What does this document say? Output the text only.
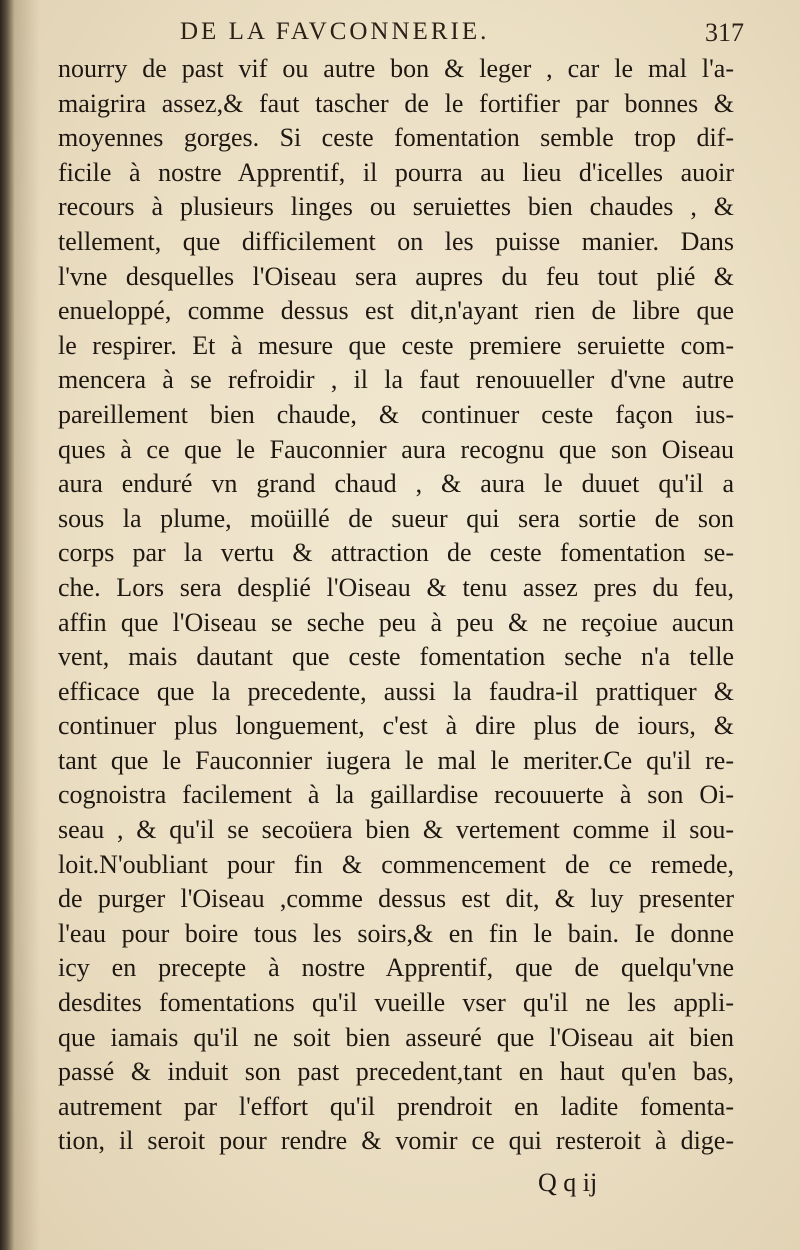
DE LA FAVCONNERIE.	317
nourry de past vif ou autre bon & leger , car le mal l'a-
maigrira assez,& faut tascher de le fortifier par bonnes &
moyennes gorges. Si ceste fomentation semble trop dif-
ficile à nostre Apprentif, il pourra au lieu d'icelles auoir
recours à plusieurs linges ou seruiettes bien chaudes , &
tellement, que difficilement on les puisse manier. Dans
l'vne desquelles l'Oiseau sera aupres du feu tout plié &
enueloppé, comme dessus est dit,n'ayant rien de libre que
le respirer. Et à mesure que ceste premiere seruiette com-
mencera à se refroidir , il la faut renouueller d'vne autre
pareillement bien chaude, & continuer ceste façon ius-
ques à ce que le Fauconnier aura recognu que son Oiseau
aura enduré vn grand chaud , & aura le duuet qu'il a
sous la plume, moüillé de sueur qui sera sortie de son
corps par la vertu & attraction de ceste fomentation se-
che. Lors sera desplié l'Oiseau & tenu assez pres du feu,
affin que l'Oiseau se seche peu à peu & ne reçoiue aucun
vent, mais dautant que ceste fomentation seche n'a telle
efficace que la precedente, aussi la faudra-il prattiquer &
continuer plus longuement, c'est à dire plus de iours, &
tant que le Fauconnier iugera le mal le meriter.Ce qu'il re-
cognoistra facilement à la gaillardise recouuerte à son Oi-
seau , & qu'il se secoüera bien & vertement comme il sou-
loit.N'oubliant pour fin & commencement de ce remede,
de purger l'Oiseau ,comme dessus est dit, & luy presenter
l'eau pour boire tous les soirs,& en fin le bain. Ie donne
icy en precepte à nostre Apprentif, que de quelqu'vne
desdites fomentations qu'il vueille vser qu'il ne les appli-
que iamais qu'il ne soit bien asseuré que l'Oiseau ait bien
passé & induit son past precedent,tant en haut qu'en bas,
autrement par l'effort qu'il prendroit en ladite fomenta-
tion, il seroit pour rendre & vomir ce qui resteroit à dige-
Q q ij
